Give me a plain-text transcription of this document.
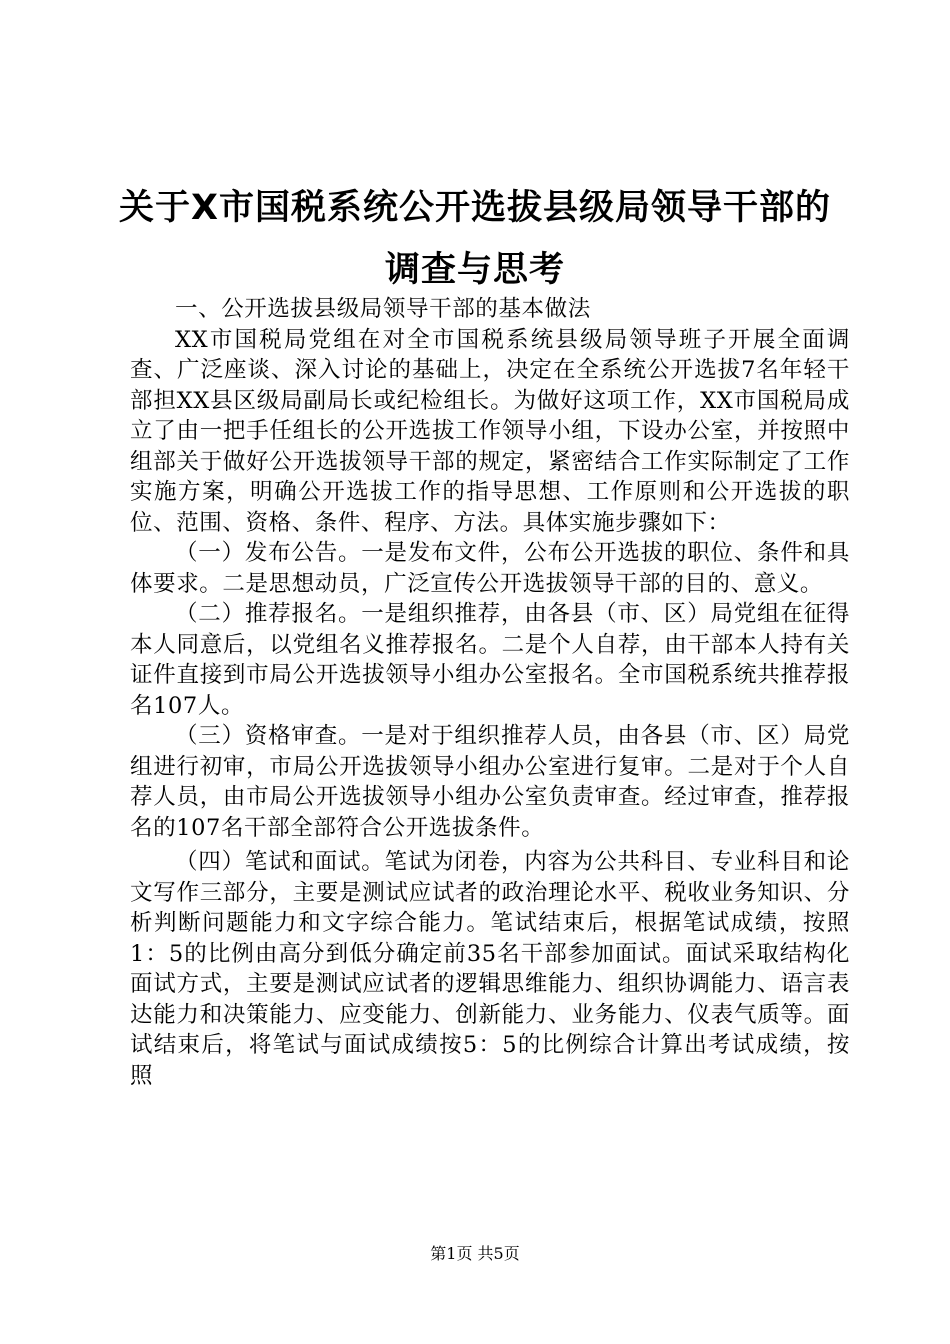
关于X市国税系统公开选拔县级局领导干部的
调查与思考

一、公开选拔县级局领导干部的基本做法

XX市国税局党组在对全市国税系统县级局领导班子开展全面调查、广泛座谈、深入讨论的基础上，决定在全系统公开选拔7名年轻干部担XX县区级局副局长或纪检组长。为做好这项工作，XX市国税局成立了由一把手任组长的公开选拔工作领导小组，下设办公室，并按照中组部关于做好公开选拔领导干部的规定，紧密结合工作实际制定了工作实施方案，明确公开选拔工作的指导思想、工作原则和公开选拔的职位、范围、资格、条件、程序、方法。具体实施步骤如下：

（一）发布公告。一是发布文件，公布公开选拔的职位、条件和具体要求。二是思想动员，广泛宣传公开选拔领导干部的目的、意义。

（二）推荐报名。一是组织推荐，由各县（市、区）局党组在征得本人同意后，以党组名义推荐报名。二是个人自荐，由干部本人持有关证件直接到市局公开选拔领导小组办公室报名。全市国税系统共推荐报名107人。

（三）资格审查。一是对于组织推荐人员，由各县（市、区）局党组进行初审，市局公开选拔领导小组办公室进行复审。二是对于个人自荐人员，由市局公开选拔领导小组办公室负责审查。经过审查，推荐报名的107名干部全部符合公开选拔条件。

（四）笔试和面试。笔试为闭卷，内容为公共科目、专业科目和论文写作三部分，主要是测试应试者的政治理论水平、税收业务知识、分析判断问题能力和文字综合能力。笔试结束后，根据笔试成绩，按照1：5的比例由高分到低分确定前35名干部参加面试。面试采取结构化面试方式，主要是测试应试者的逻辑思维能力、组织协调能力、语言表达能力和决策能力、应变能力、创新能力、业务能力、仪表气质等。面试结束后，将笔试与面试成绩按5：5的比例综合计算出考试成绩，按照

第1页 共5页
